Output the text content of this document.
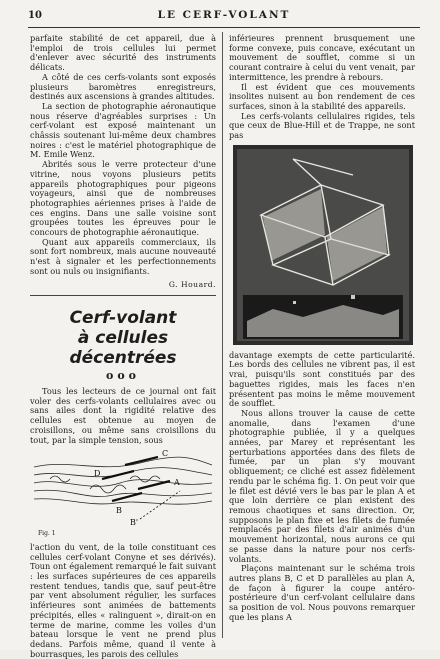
10	LE CERF-VOLANT

parfaite stabilité de cet appareil, due à l'emploi de trois cellules lui permet d'enlever avec sécurité des instruments délicats.

A côté de ces cerfs-volants sont exposés plusieurs baromètres enregistreurs, destinés aux ascensions à grandes altitudes.

La section de photographie aéronautique nous réserve d'agréables surprises : Un cerf-volant est exposé maintenant un châssis soutenant lui-même deux chambres noires : c'est le matériel photographique de M. Emile Wenz.

Abrités sous le verre protecteur d'une vitrine, nous voyons plusieurs petits appareils photographiques pour pigeons voyageurs, ainsi que de nombreuses photographies aériennes prises à l'aide de ces engins. Dans une salle voisine sont groupées toutes les épreuves pour le concours de photographie aéronautique.

Quant aux appareils commerciaux, ils sont fort nombreux, mais aucune nouveauté n'est à signaler et les perfectionnements sont ou nuls ou insignifiants.

G. Houard.

Cerf-volant
à cellules décentrées
ooo

Tous les lecteurs de ce journal ont fait voler des cerfs-volants cellulaires avec ou sans ailes dont la rigidité relative des cellules est obtenue au moyen de croisillons, ou même sans croisillons du tout, par la simple tension, sous

C
D
A
B
B'

Fig. 1

l'action du vent, de la toile constituant ces cellules cerf-volant Conyne et ses dérivés). Toun ont également remarqué le fait suivant : les surfaces supérieures de ces appareils restent tendues, tandis que, sauf peut-être par vent absolument régulier, les surfaces inférieures sont animées de battements précipités, elles « ralinguent », dirait-on en terme de marine, comme les voiles d'un bateau lorsque le vent ne prend plus dedans. Parfois même, quand il vente à bourrasques, les parois des cellules

inférieures prennent brusquement une forme convexe, puis concave, exécutant un mouvement de soufflet, comme si un courant contraire à celui du vent venait, par intermittence, les prendre à rebours.

Il est évident que ces mouvements insolites nuisent au bon rendement de ces surfaces, sinon à la stabilité des appareils.

Les cerfs-volants cellulaires rigides, tels que ceux de Blue-Hill et de Trappe, ne sont pas

davantage exempts de cette particularité. Les bords des cellules ne vibrent pas, il est vrai, puisqu'ils sont constitués par des baguettes rigides, mais les faces n'en présentent pas moins le même mouvement de soufflet.

Nous allons trouver la cause de cette anomalie, dans l'examen d'une photographie publiée, il y a quelques années, par Marey et représentant les perturbations apportées dans des filets de fumée, par un plan s'y mouvant obliquement; ce cliché est assez fidèlement rendu par le schéma fig. 1. On peut voir que le filet est dévié vers le bas par le plan A et que loin derrière ce plan existent des remous chaotiques et sans direction. Or, supposons le plan fixe et les filets de fumée remplacés par des filets d'air animés d'un mouvement horizontal, nous aurons ce qui se passe dans la nature pour nos cerfs-volants.

Plaçons maintenant sur le schéma trois autres plans B, C et D parallèles au plan A, de façon à figurer la coupe antéro-postérieure d'un cerf-volant cellulaire dans sa position de vol. Nous pouvons remarquer que les plans A
